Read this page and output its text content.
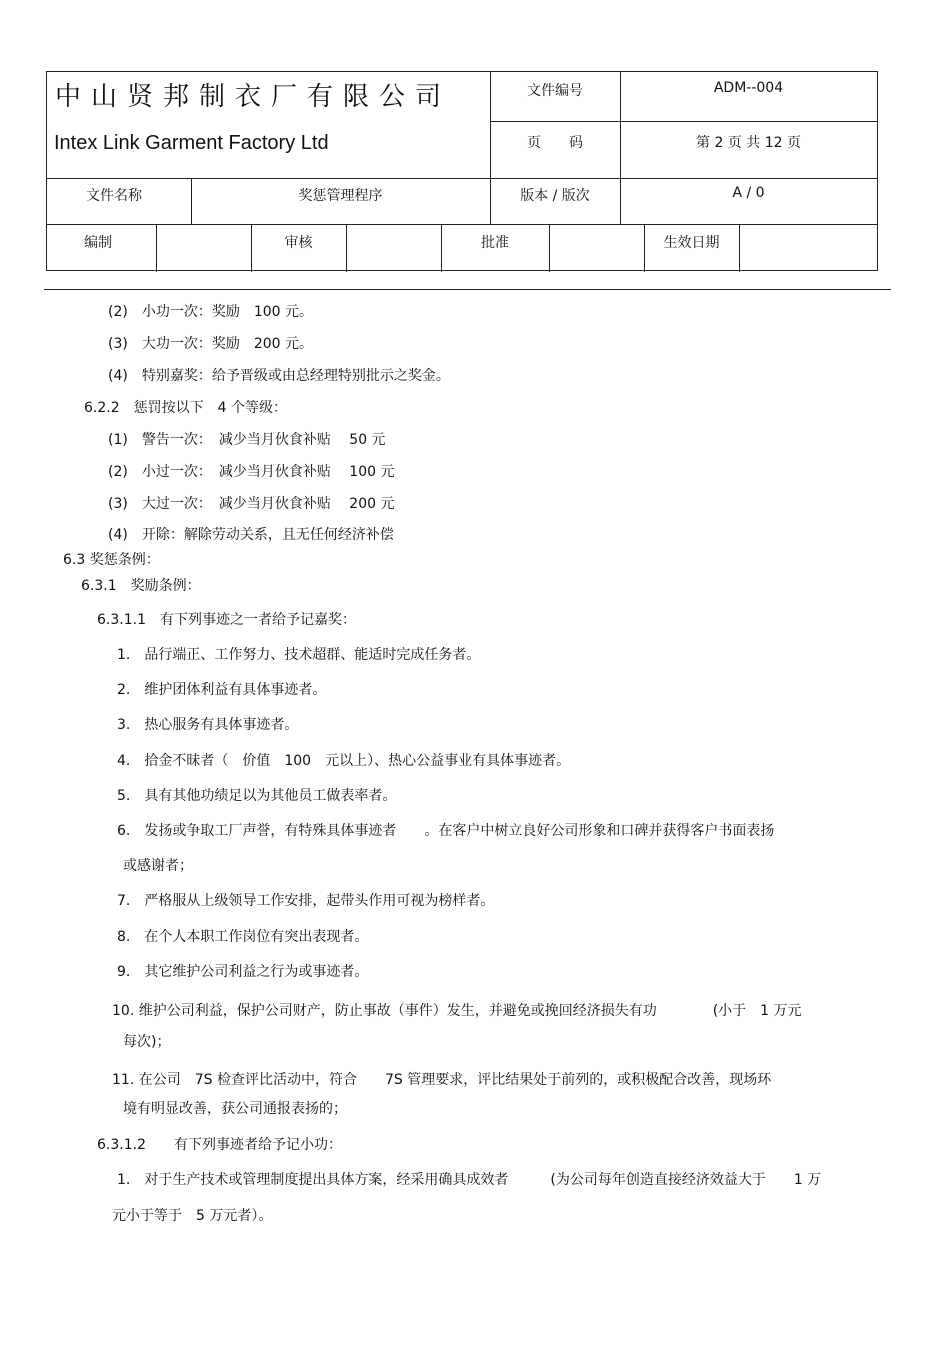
中山贤邦制衣厂有限公司
Intex Link Garment Factory Ltd
文件编号	ADM--004
页　　码	第 2 页 共 12 页
文件名称	奖惩管理程序	版本 / 版次	A / 0
编制	审核	批准	生效日期
(2)　小功一次：奖励　100 元。
(3)　大功一次：奖励　200 元。
(4)　特别嘉奖：给予晋级或由总经理特别批示之奖金。
6.2.2　惩罚按以下　4 个等级：
(1)　警告一次：　减少当月伙食补贴　 50 元
(2)　小过一次：　减少当月伙食补贴　 100 元
(3)　大过一次：　减少当月伙食补贴　 200 元
(4)　开除：解除劳动关系，且无任何经济补偿
6.3 奖惩条例：
6.3.1　奖励条例：
6.3.1.1　有下列事迹之一者给予记嘉奖：
1.　品行端正、工作努力、技术超群、能适时完成任务者。
2.　维护团体利益有具体事迹者。
3.　热心服务有具体事迹者。
4.　拾金不昧者（　价值　100　元以上）、热心公益事业有具体事迹者。
5.　具有其他功绩足以为其他员工做表率者。
6.　发扬或争取工厂声誉，有特殊具体事迹者　　。在客户中树立良好公司形象和口碑并获得客户书面表扬
或感谢者；
7.　严格服从上级领导工作安排，起带头作用可视为榜样者。
8.　在个人本职工作岗位有突出表现者。
9.　其它维护公司利益之行为或事迹者。
10. 维护公司利益，保护公司财产，防止事故（事件）发生，并避免或挽回经济损失有功　　　　(小于　1 万元
每次)；
11. 在公司　7S 检查评比活动中，符合　　7S 管理要求，评比结果处于前列的，或积极配合改善，现场环
境有明显改善，获公司通报表扬的；
6.3.1.2　　有下列事迹者给予记小功：
1.　对于生产技术或管理制度提出具体方案，经采用确具成效者　　　(为公司每年创造直接经济效益大于　　1 万
元小于等于　5 万元者）。
